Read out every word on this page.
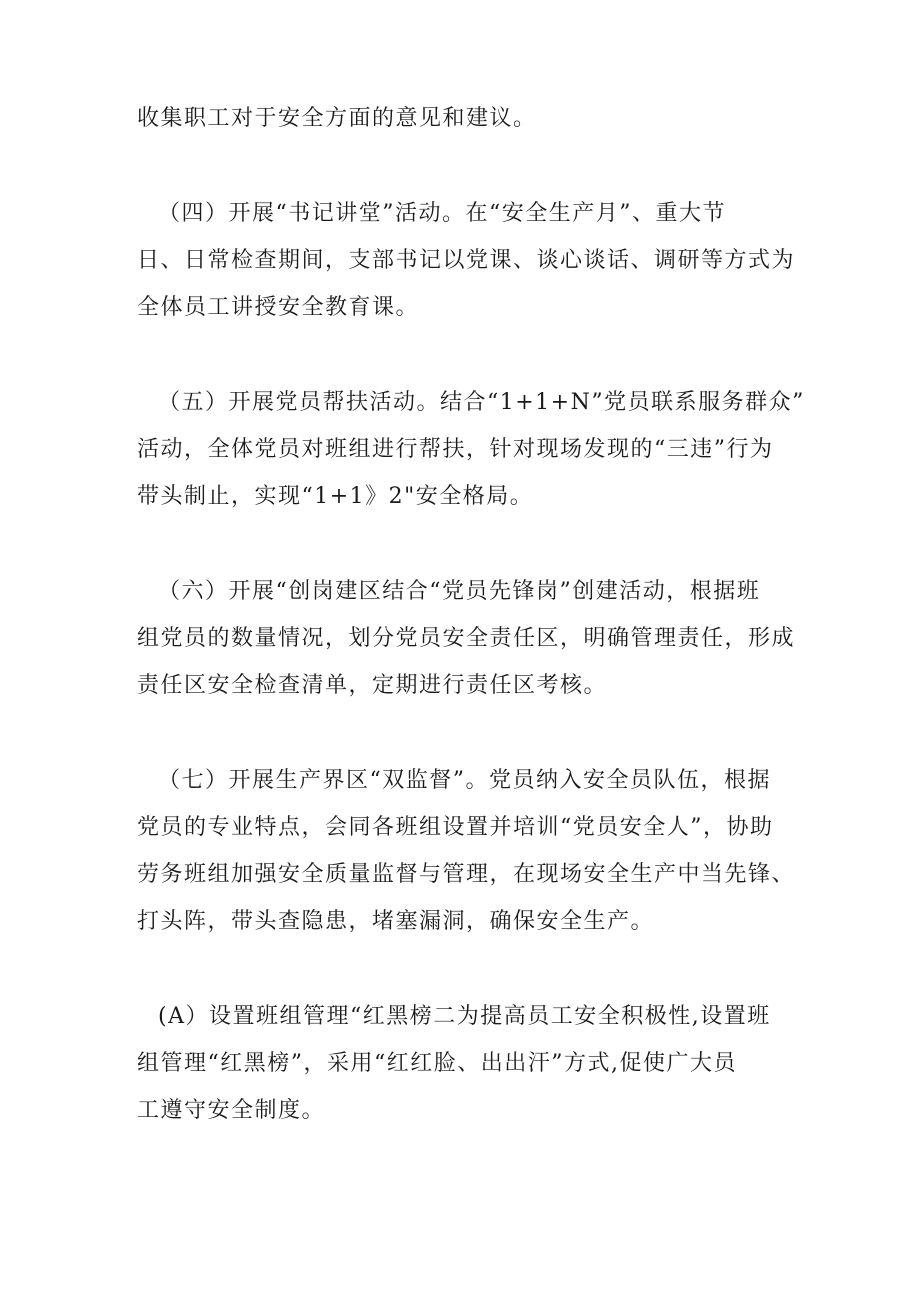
收集职工对于安全方面的意见和建议。
（四）开展“书记讲堂”活动。在“安全生产月”、重大节
日、日常检查期间，支部书记以党课、谈心谈话、调研等方式为
全体员工讲授安全教育课。
（五）开展党员帮扶活动。结合“1+1+N”党员联系服务群众”
活动，全体党员对班组进行帮扶，针对现场发现的“三违”行为
带头制止，实现“1+1》2"安全格局。
（六）开展“创岗建区结合“党员先锋岗”创建活动，根据班
组党员的数量情况，划分党员安全责任区，明确管理责任，形成
责任区安全检查清单，定期进行责任区考核。
（七）开展生产界区“双监督”。党员纳入安全员队伍，根据
党员的专业特点，会同各班组设置并培训“党员安全人”，协助
劳务班组加强安全质量监督与管理，在现场安全生产中当先锋、
打头阵，带头查隐患，堵塞漏洞，确保安全生产。
(A）设置班组管理“红黑榜二为提高员工安全积极性,设置班
组管理“红黑榜”，采用“红红脸、出出汗”方式,促使广大员
工遵守安全制度。
